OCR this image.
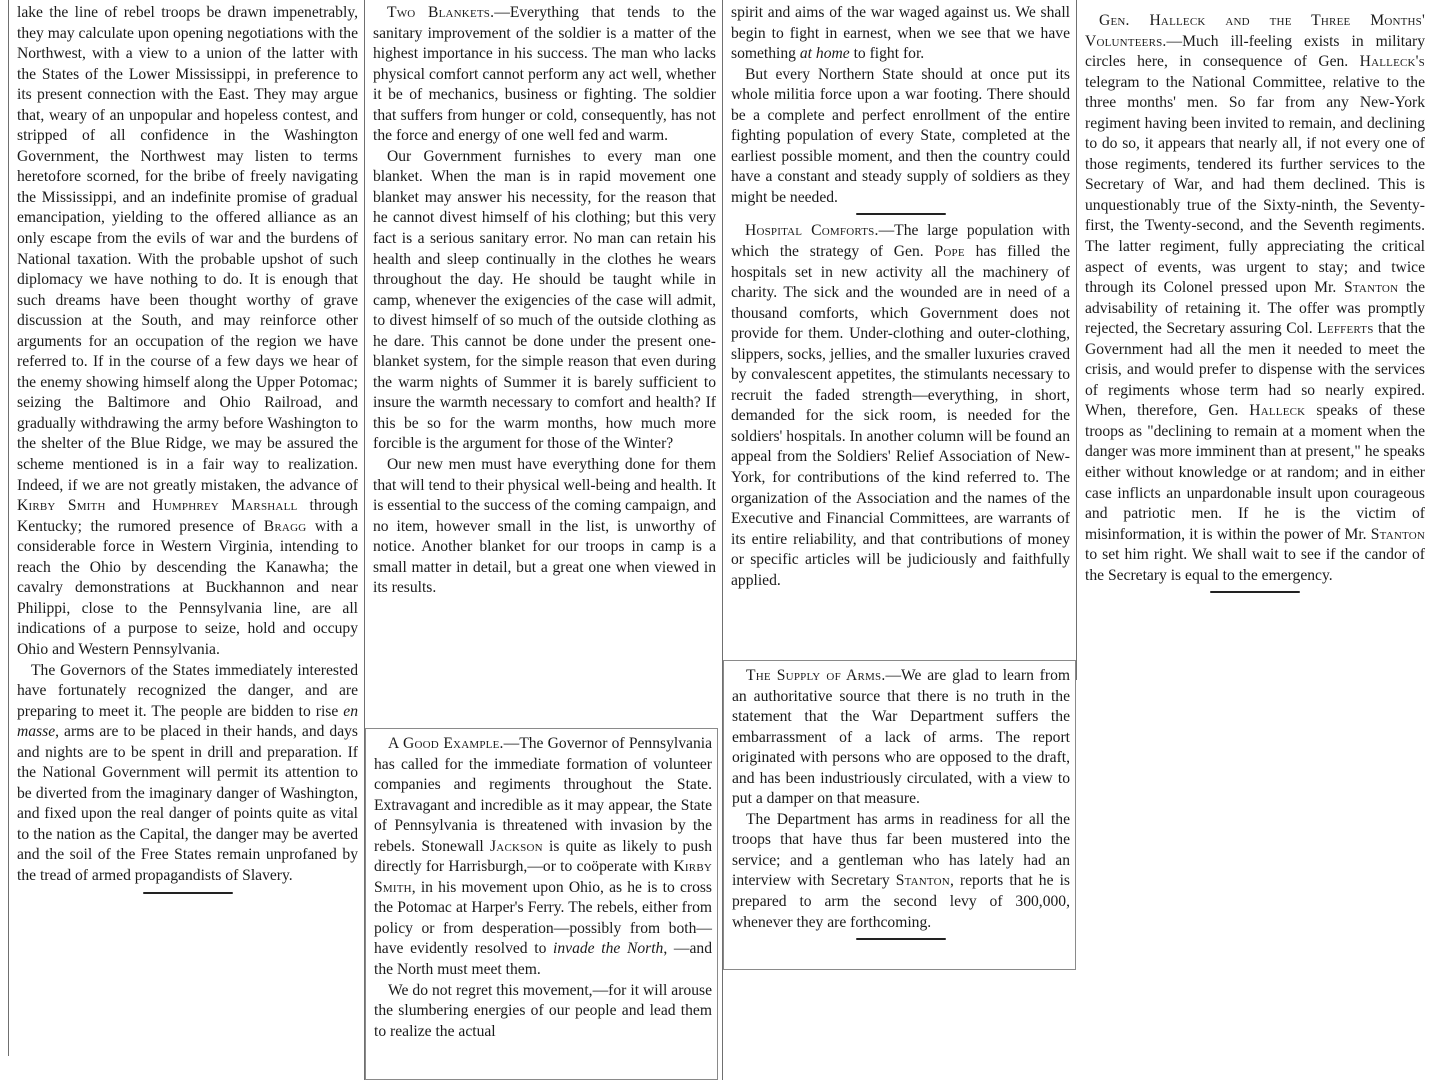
lake the line of rebel troops be drawn impenetrably, they may calculate upon opening negotiations with the Northwest, with a view to a union of the latter with the States of the Lower Mississippi, in preference to its present connection with the East. They may argue that, weary of an unpopular and hopeless contest, and stripped of all confidence in the Washington Government, the Northwest may listen to terms heretofore scorned, for the bribe of freely navigating the Mississippi, and an indefinite promise of gradual emancipation, yielding to the offered alliance as an only escape from the evils of war and the burdens of National taxation. With the probable upshot of such diplomacy we have nothing to do. It is enough that such dreams have been thought worthy of grave discussion at the South, and may reinforce other arguments for an occupation of the region we have referred to. If in the course of a few days we hear of the enemy showing himself along the Upper Potomac; seizing the Baltimore and Ohio Railroad, and gradually withdrawing the army before Washington to the shelter of the Blue Ridge, we may be assured the scheme mentioned is in a fair way to realization. Indeed, if we are not greatly mistaken, the advance of Kirby Smith and Humphrey Marshall through Kentucky; the rumored presence of Bragg with a considerable force in Western Virginia, intending to reach the Ohio by descending the Kanawha; the cavalry demonstrations at Buckhannon and near Philippi, close to the Pennsylvania line, are all indications of a purpose to seize, hold and occupy Ohio and Western Pennsylvania.

The Governors of the States immediately interested have fortunately recognized the danger, and are preparing to meet it. The people are bidden to rise en masse, arms are to be placed in their hands, and days and nights are to be spent in drill and preparation. If the National Government will permit its attention to be diverted from the imaginary danger of Washington, and fixed upon the real danger of points quite as vital to the nation as the Capital, the danger may be averted and the soil of the Free States remain unprofaned by the tread of armed propagandists of Slavery.

Two Blankets.—Everything that tends to the sanitary improvement of the soldier is a matter of the highest importance in his success. The man who lacks physical comfort cannot perform any act well, whether it be of mechanics, business or fighting. The soldier that suffers from hunger or cold, consequently, has not the force and energy of one well fed and warm.

Our Government furnishes to every man one blanket. When the man is in rapid movement one blanket may answer his necessity, for the reason that he cannot divest himself of his clothing; but this very fact is a serious sanitary error. No man can retain his health and sleep continually in the clothes he wears throughout the day. He should be taught while in camp, whenever the exigencies of the case will admit, to divest himself of so much of the outside clothing as he dare. This cannot be done under the present one-blanket system, for the simple reason that even during the warm nights of Summer it is barely sufficient to insure the warmth necessary to comfort and health? If this be so for the warm months, how much more forcible is the argument for those of the Winter?

Our new men must have everything done for them that will tend to their physical well-being and health. It is essential to the success of the coming campaign, and no item, however small in the list, is unworthy of notice. Another blanket for our troops in camp is a small matter in detail, but a great one when viewed in its results.

A Good Example.—The Governor of Pennsylvania has called for the immediate formation of volunteer companies and regiments throughout the State. Extravagant and incredible as it may appear, the State of Pennsylvania is threatened with invasion by the rebels. Stonewall Jackson is quite as likely to push directly for Harrisburgh,—or to coöperate with Kirby Smith, in his movement upon Ohio, as he is to cross the Potomac at Harper's Ferry. The rebels, either from policy or from desperation—possibly from both—have evidently resolved to invade the North, —and the North must meet them.

We do not regret this movement,—for it will arouse the slumbering energies of our people and lead them to realize the actual

spirit and aims of the war waged against us. We shall begin to fight in earnest, when we see that we have something at home to fight for.

But every Northern State should at once put its whole militia force upon a war footing. There should be a complete and perfect enrollment of the entire fighting population of every State, completed at the earliest possible moment, and then the country could have a constant and steady supply of soldiers as they might be needed.

Hospital Comforts.—The large population with which the strategy of Gen. Pope has filled the hospitals set in new activity all the machinery of charity. The sick and the wounded are in need of a thousand comforts, which Government does not provide for them. Under-clothing and outer-clothing, slippers, socks, jellies, and the smaller luxuries craved by convalescent appetites, the stimulants necessary to recruit the faded strength—everything, in short, demanded for the sick room, is needed for the soldiers' hospitals. In another column will be found an appeal from the Soldiers' Relief Association of New-York, for contributions of the kind referred to. The organization of the Association and the names of the Executive and Financial Committees, are warrants of its entire reliability, and that contributions of money or specific articles will be judiciously and faithfully applied.

The Supply of Arms.—We are glad to learn from an authoritative source that there is no truth in the statement that the War Department suffers the embarrassment of a lack of arms. The report originated with persons who are opposed to the draft, and has been industriously circulated, with a view to put a damper on that measure.

The Department has arms in readiness for all the troops that have thus far been mustered into the service; and a gentleman who has lately had an interview with Secretary Stanton, reports that he is prepared to arm the second levy of 300,000, whenever they are forthcoming.

Gen. Halleck and the Three Months' Volunteers.—Much ill-feeling exists in military circles here, in consequence of Gen. Halleck's telegram to the National Committee, relative to the three months' men. So far from any New-York regiment having been invited to remain, and declining to do so, it appears that nearly all, if not every one of those regiments, tendered its further services to the Secretary of War, and had them declined. This is unquestionably true of the Sixty-ninth, the Seventy-first, the Twenty-second, and the Seventh regiments. The latter regiment, fully appreciating the critical aspect of events, was urgent to stay; and twice through its Colonel pressed upon Mr. Stanton the advisability of retaining it. The offer was promptly rejected, the Secretary assuring Col. Lefferts that the Government had all the men it needed to meet the crisis, and would prefer to dispense with the services of regiments whose term had so nearly expired. When, therefore, Gen. Halleck speaks of these troops as "declining to remain at a moment when the danger was more imminent than at present," he speaks either without knowledge or at random; and in either case inflicts an unpardonable insult upon courageous and patriotic men. If he is the victim of misinformation, it is within the power of Mr. Stanton to set him right. We shall wait to see if the candor of the Secretary is equal to the emergency.
